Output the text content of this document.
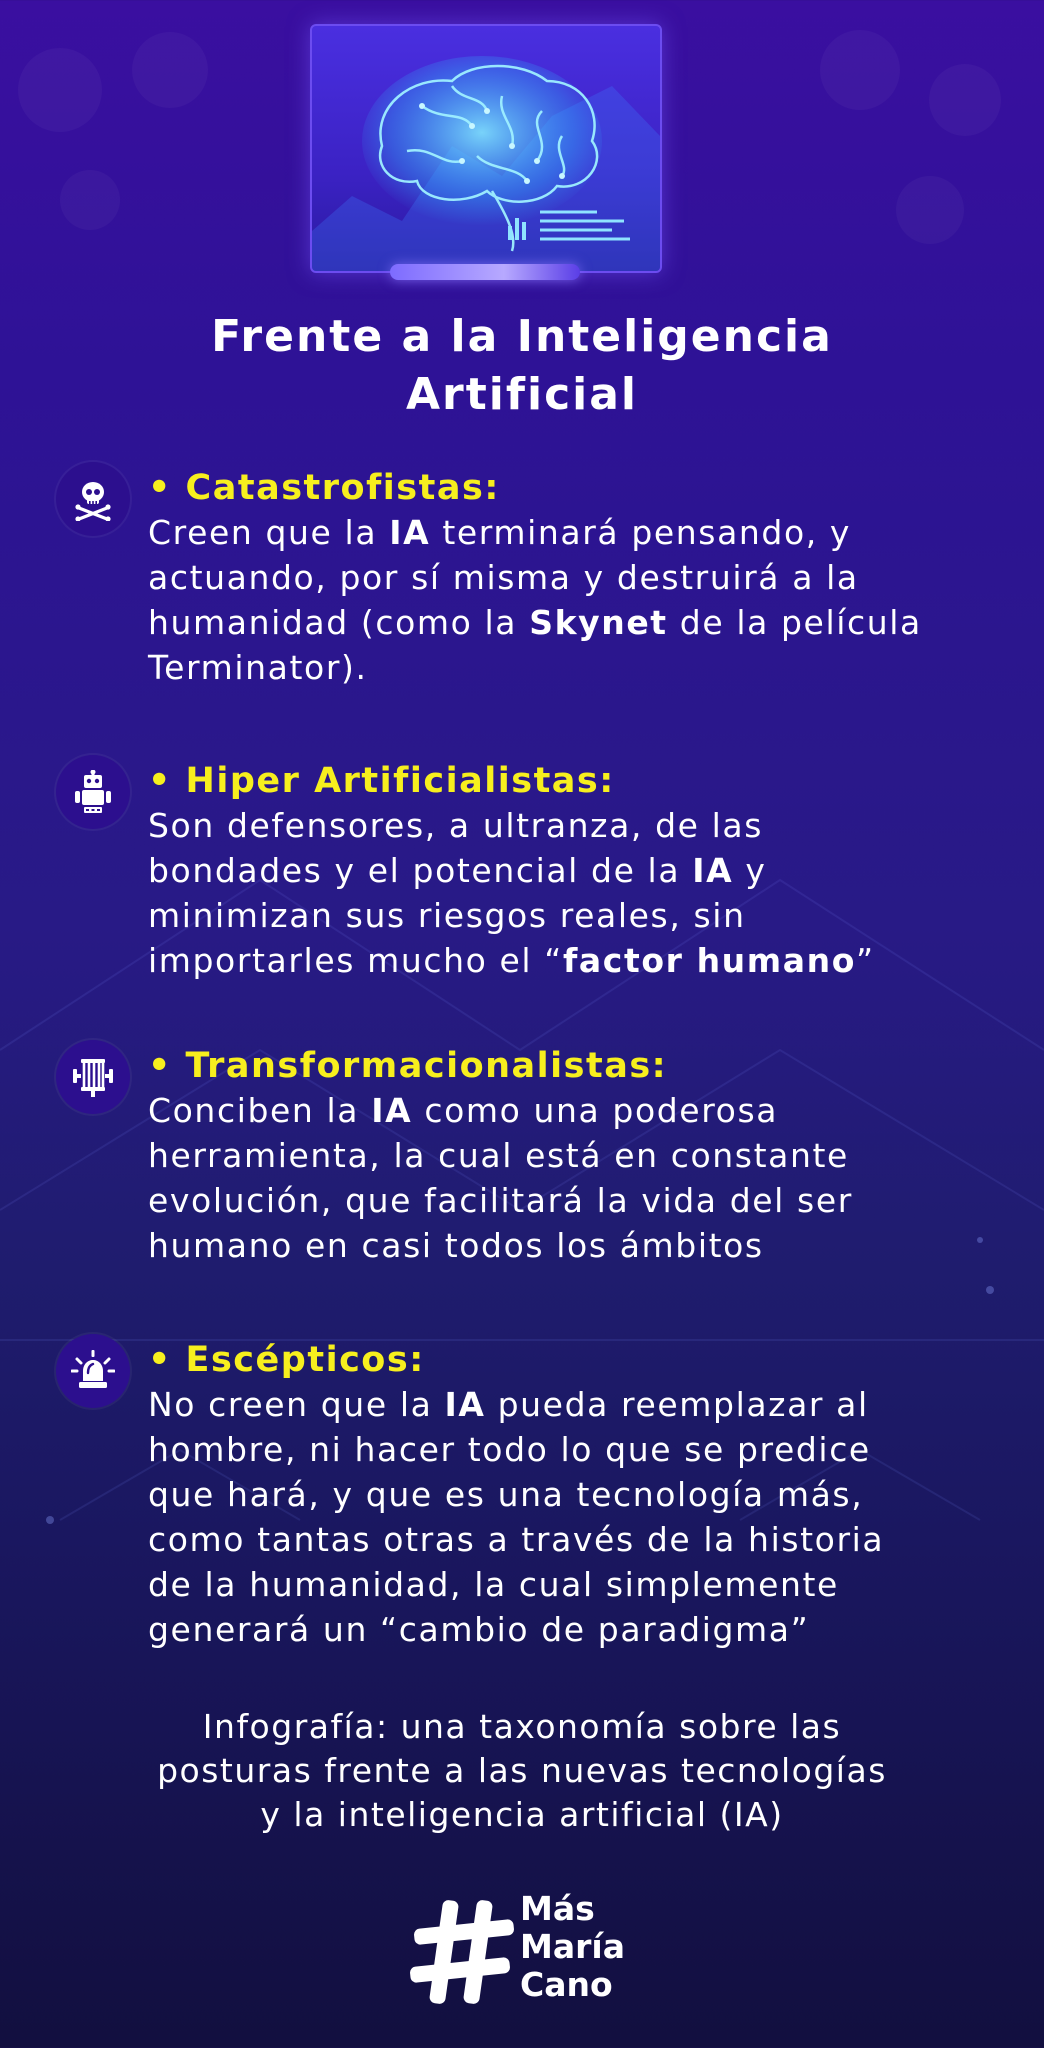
Frente a la Inteligencia
Artificial
• Catastrofistas:
Creen que la IA terminará pensando, y
actuando, por sí misma y destruirá a la
humanidad (como la Skynet de la película
Terminator).
• Hiper Artificialistas:
Son defensores, a ultranza, de las
bondades y el potencial de la IA y
minimizan sus riesgos reales, sin
importarles mucho el “factor humano”
• Transformacionalistas:
Conciben la IA como una poderosa
herramienta, la cual está en constante
evolución, que facilitará la vida del ser
humano en casi todos los ámbitos
• Escépticos:
No creen que la IA pueda reemplazar al
hombre, ni hacer todo lo que se predice
que hará, y que es una tecnología más,
como tantas otras a través de la historia
de la humanidad, la cual simplemente
generará un “cambio de paradigma”
Infografía: una taxonomía sobre las
posturas frente a las nuevas tecnologías
y la inteligencia artificial (IA)
Más
María
Cano
